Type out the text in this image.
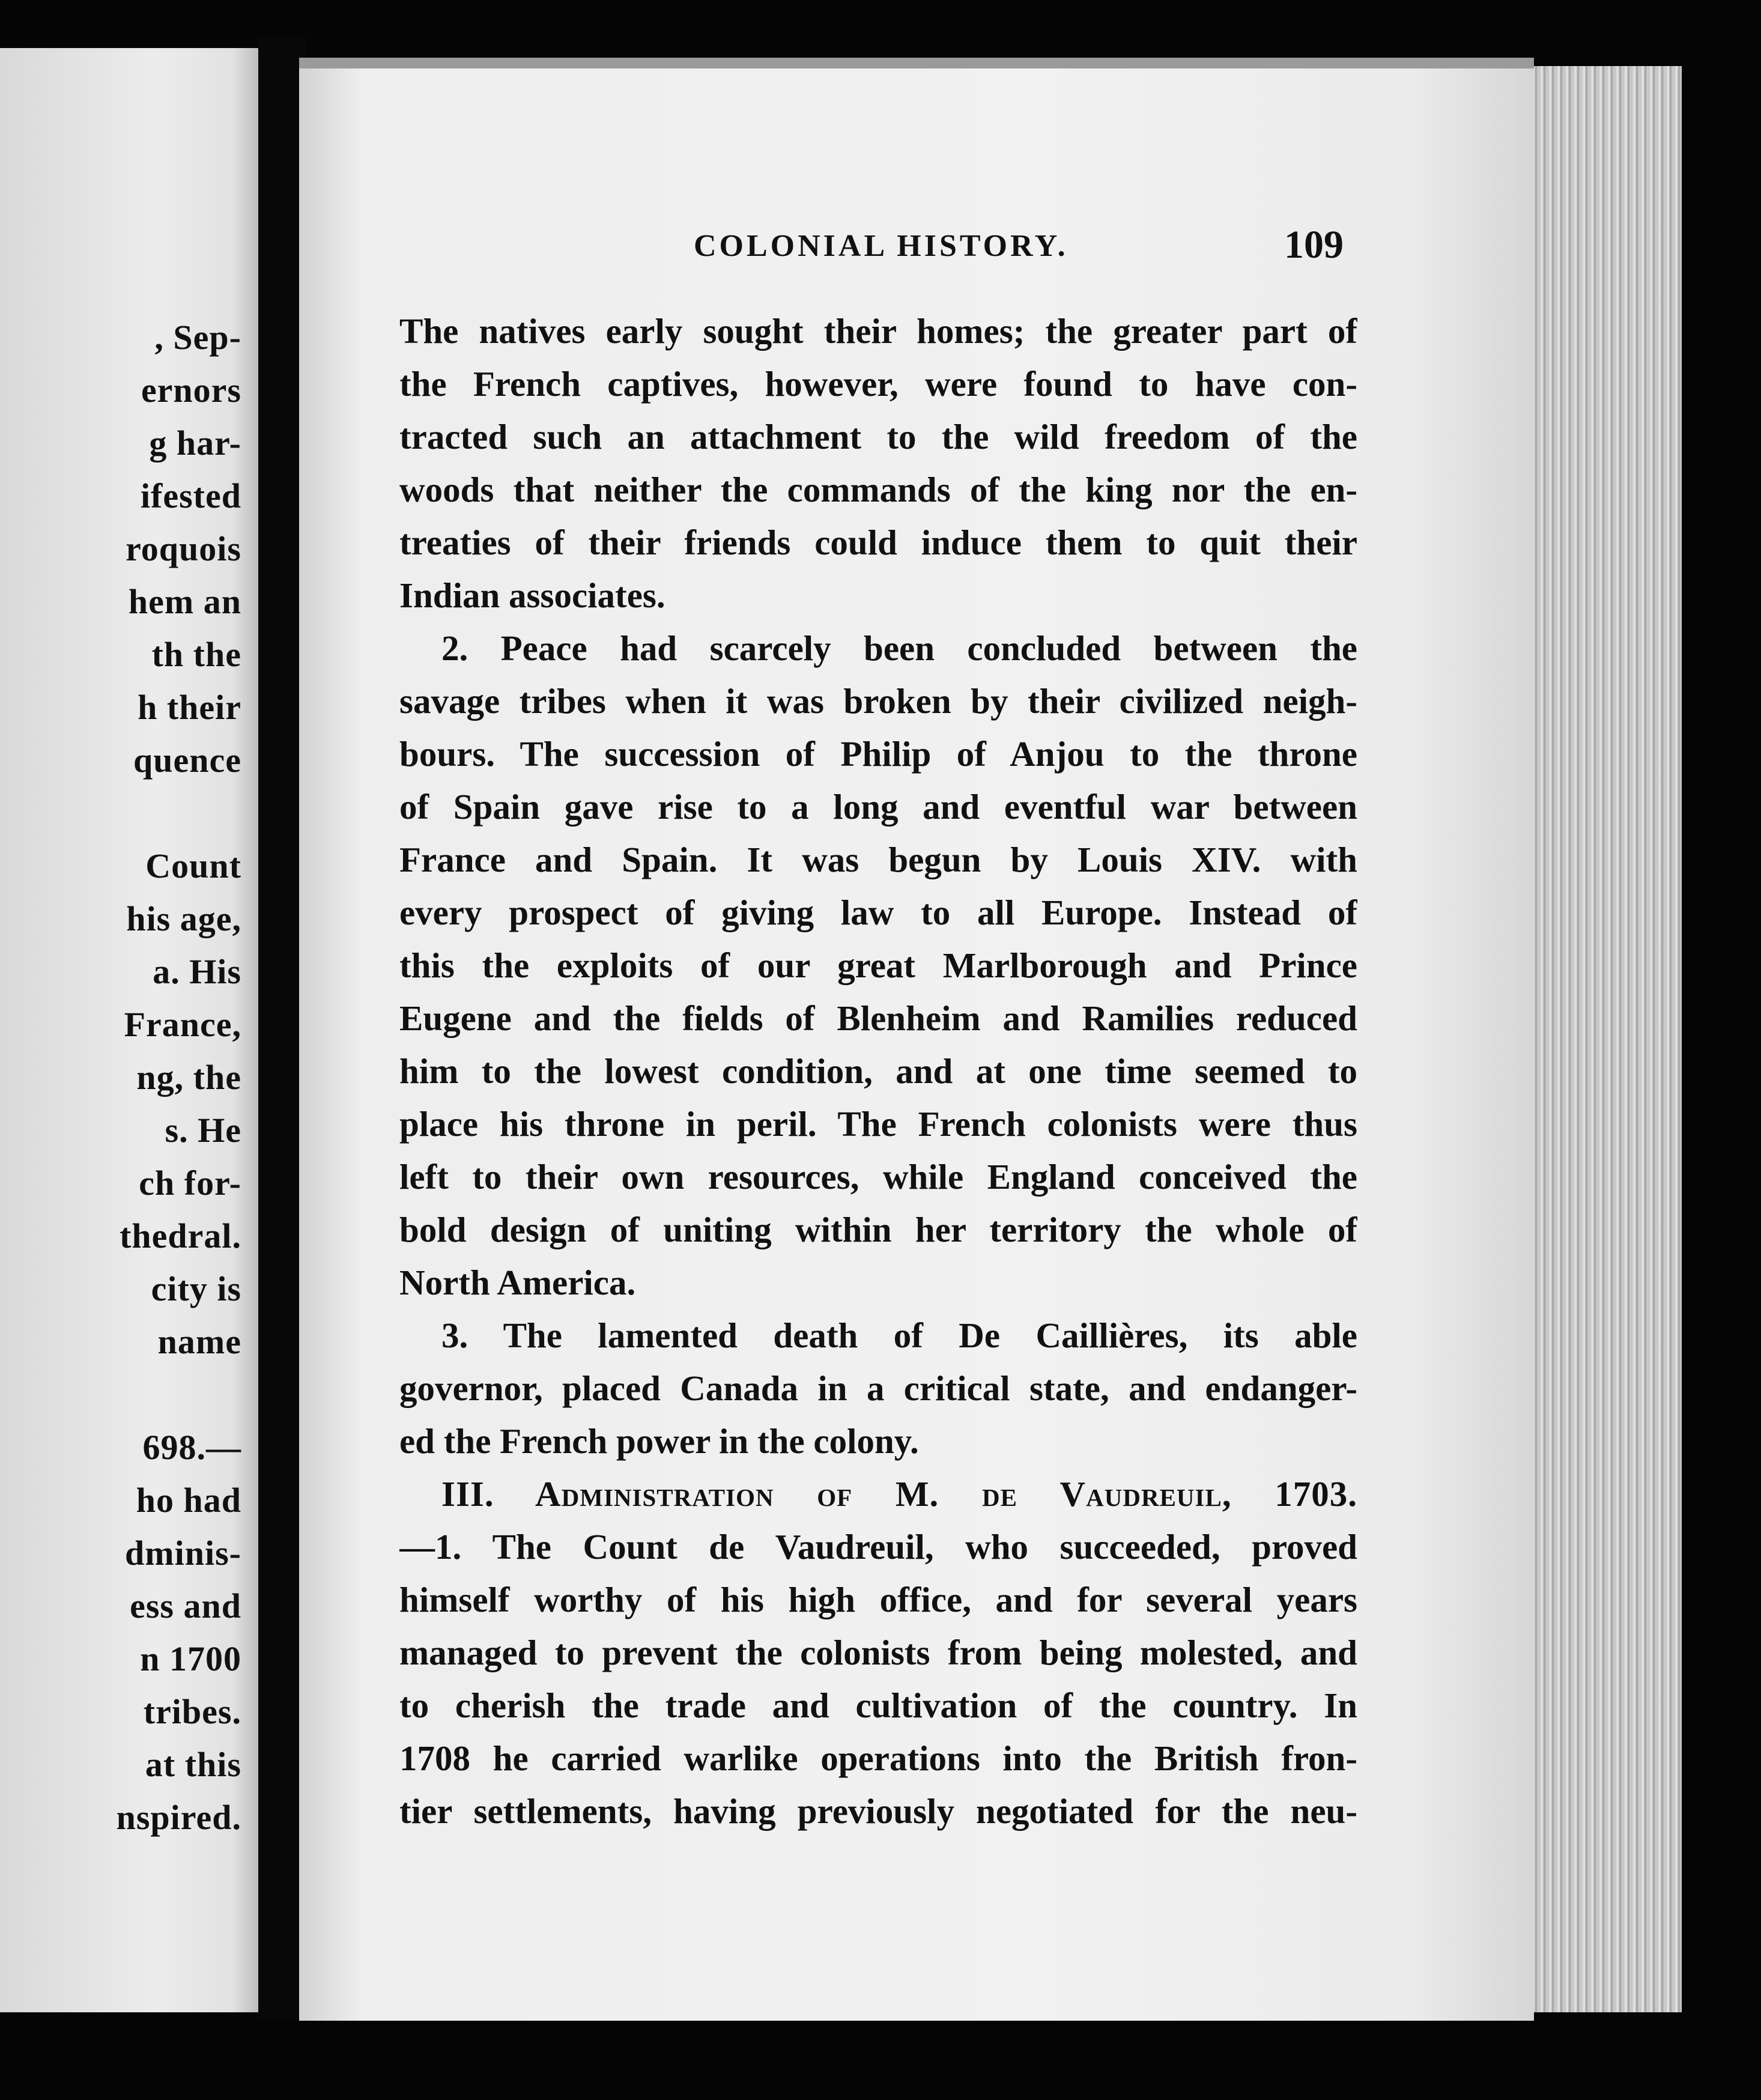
, Sep-
ernors
g har-
ifested
roquois
hem an
th the
h their
quence
Count
his age,
a. His
France,
ng, the
s. He
ch for-
thedral.
city is
name
698.—
ho had
dminis-
ess and
n 1700
tribes.
at this
nspired.
COLONIAL HISTORY.	109
The natives early sought their homes; the greater part of
the French captives, however, were found to have con-
tracted such an attachment to the wild freedom of the
woods that neither the commands of the king nor the en-
treaties of their friends could induce them to quit their
Indian associates.
2. Peace had scarcely been concluded between the
savage tribes when it was broken by their civilized neigh-
bours. The succession of Philip of Anjou to the throne
of Spain gave rise to a long and eventful war between
France and Spain. It was begun by Louis XIV. with
every prospect of giving law to all Europe. Instead of
this the exploits of our great Marlborough and Prince
Eugene and the fields of Blenheim and Ramilies reduced
him to the lowest condition, and at one time seemed to
place his throne in peril. The French colonists were thus
left to their own resources, while England conceived the
bold design of uniting within her territory the whole of
North America.
3. The lamented death of De Caillières, its able
governor, placed Canada in a critical state, and endanger-
ed the French power in the colony.
III. Administration of M. de Vaudreuil, 1703.
—1. The Count de Vaudreuil, who succeeded, proved
himself worthy of his high office, and for several years
managed to prevent the colonists from being molested, and
to cherish the trade and cultivation of the country. In
1708 he carried warlike operations into the British fron-
tier settlements, having previously negotiated for the neu-
